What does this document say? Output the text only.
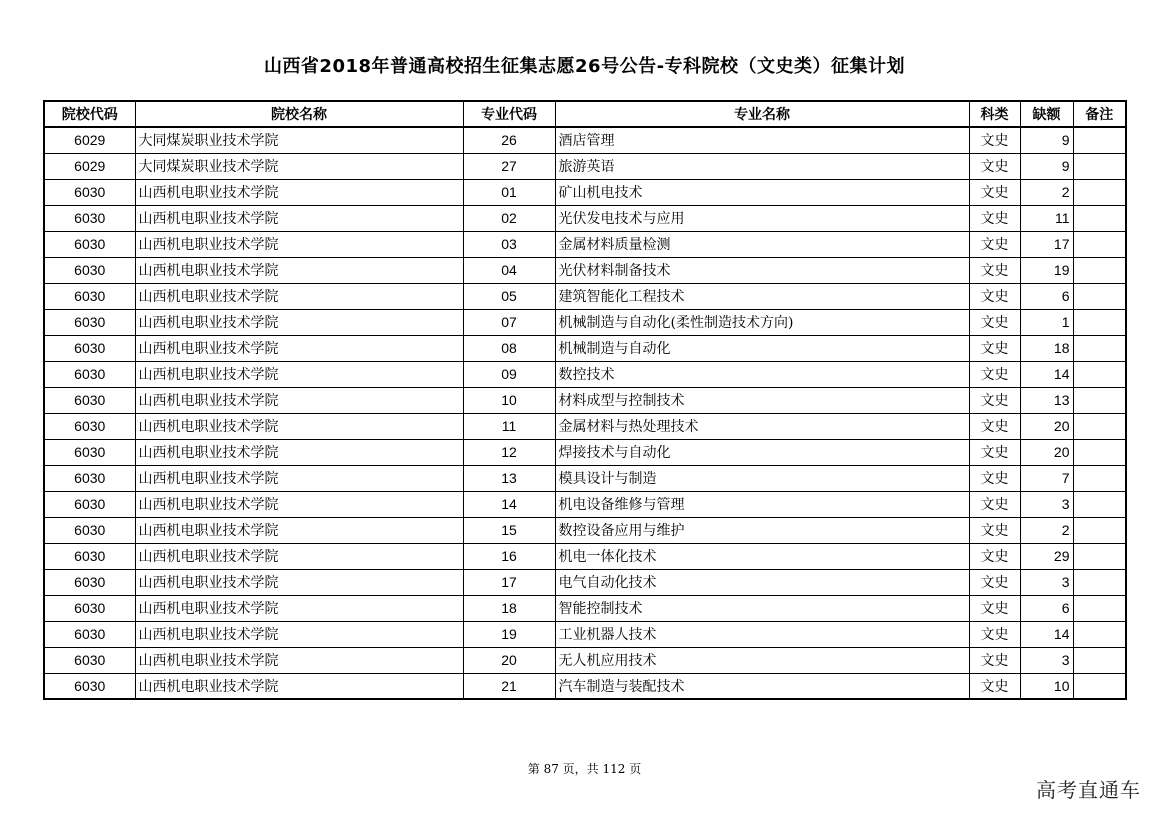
山西省2018年普通高校招生征集志愿26号公告-专科院校（文史类）征集计划
院校代码	院校名称	专业代码	专业名称	科类	缺额	备注
6029	大同煤炭职业技术学院	26	酒店管理	文史	9	
6029	大同煤炭职业技术学院	27	旅游英语	文史	9	
6030	山西机电职业技术学院	01	矿山机电技术	文史	2	
6030	山西机电职业技术学院	02	光伏发电技术与应用	文史	11	
6030	山西机电职业技术学院	03	金属材料质量检测	文史	17	
6030	山西机电职业技术学院	04	光伏材料制备技术	文史	19	
6030	山西机电职业技术学院	05	建筑智能化工程技术	文史	6	
6030	山西机电职业技术学院	07	机械制造与自动化(柔性制造技术方向)	文史	1	
6030	山西机电职业技术学院	08	机械制造与自动化	文史	18	
6030	山西机电职业技术学院	09	数控技术	文史	14	
6030	山西机电职业技术学院	10	材料成型与控制技术	文史	13	
6030	山西机电职业技术学院	11	金属材料与热处理技术	文史	20	
6030	山西机电职业技术学院	12	焊接技术与自动化	文史	20	
6030	山西机电职业技术学院	13	模具设计与制造	文史	7	
6030	山西机电职业技术学院	14	机电设备维修与管理	文史	3	
6030	山西机电职业技术学院	15	数控设备应用与维护	文史	2	
6030	山西机电职业技术学院	16	机电一体化技术	文史	29	
6030	山西机电职业技术学院	17	电气自动化技术	文史	3	
6030	山西机电职业技术学院	18	智能控制技术	文史	6	
6030	山西机电职业技术学院	19	工业机器人技术	文史	14	
6030	山西机电职业技术学院	20	无人机应用技术	文史	3	
6030	山西机电职业技术学院	21	汽车制造与装配技术	文史	10	
第 87 页，共 112 页
高考直通车
